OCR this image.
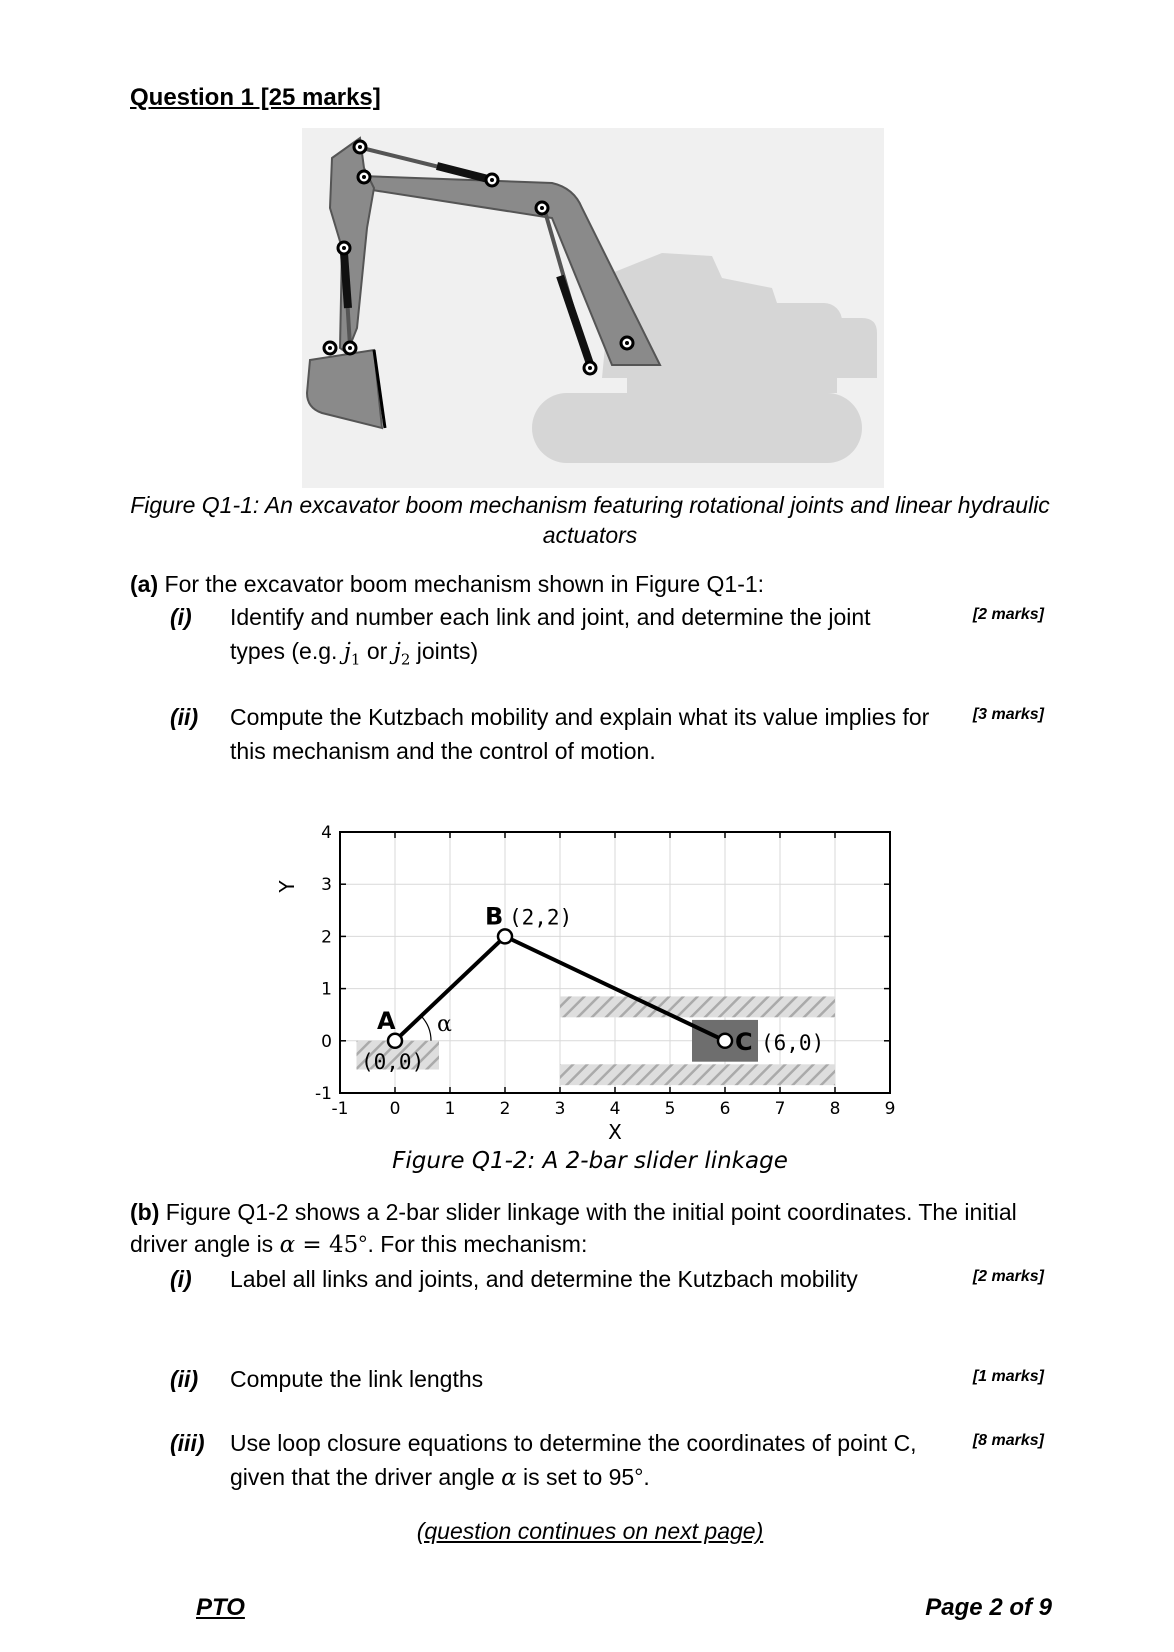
Question 1 [25 marks]
Figure Q1-1: An excavator boom mechanism featuring rotational joints and linear hydraulic actuators
(a) For the excavator boom mechanism shown in Figure Q1-1:
(i) Identify and number each link and joint, and determine the joint types (e.g. $j_1$ or $j_2$ joints)
[2 marks]
(ii) Compute the Kutzbach mobility and explain what its value implies for this mechanism and the control of motion.
[3 marks]
-1 0	1	2	3	4	5	6	7	8	9
-1
0
1
2
3
4
X
Y
α
A
(0,0)
B (2,2)
C (6,0)
Figure Q1-2: A 2-bar slider linkage
(b) Figure Q1-2 shows a 2-bar slider linkage with the initial point coordinates. The initial driver angle is α = 45°. For this mechanism:
(i) Label all links and joints, and determine the Kutzbach mobility	[2 marks]
(ii) Compute the link lengths	[1 marks]
(iii) Use loop closure equations to determine the coordinates of point C, given that the driver angle α is set to 95°.
[8 marks]
(question continues on next page)
PTO	Page 2 of 9
